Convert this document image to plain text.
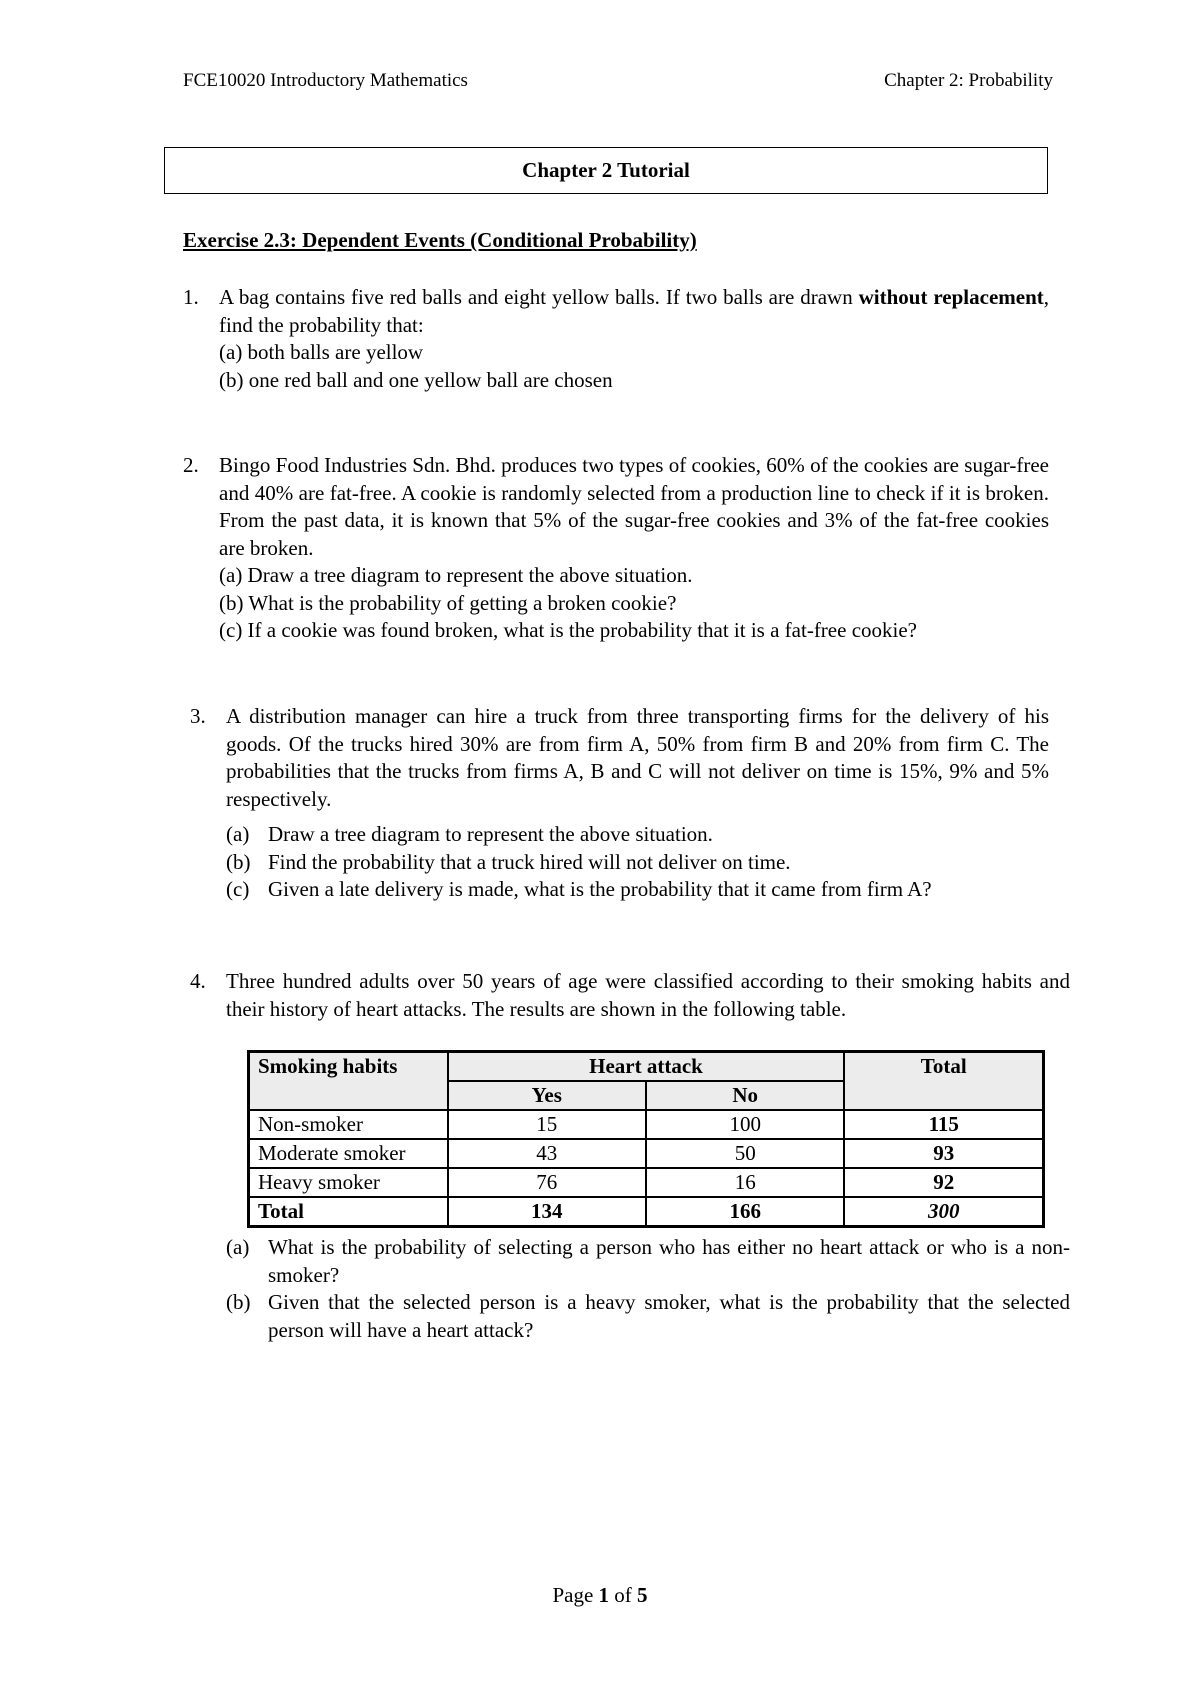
FCE10020 Introductory Mathematics	Chapter 2: Probability
Chapter 2 Tutorial
Exercise 2.3: Dependent Events (Conditional Probability)
1. A bag contains five red balls and eight yellow balls. If two balls are drawn without replacement, find the probability that:
(a) both balls are yellow
(b) one red ball and one yellow ball are chosen
2. Bingo Food Industries Sdn. Bhd. produces two types of cookies, 60% of the cookies are sugar-free and 40% are fat-free. A cookie is randomly selected from a production line to check if it is broken. From the past data, it is known that 5% of the sugar-free cookies and 3% of the fat-free cookies are broken.
(a) Draw a tree diagram to represent the above situation.
(b) What is the probability of getting a broken cookie?
(c) If a cookie was found broken, what is the probability that it is a fat-free cookie?
3. A distribution manager can hire a truck from three transporting firms for the delivery of his goods. Of the trucks hired 30% are from firm A, 50% from firm B and 20% from firm C. The probabilities that the trucks from firms A, B and C will not deliver on time is 15%, 9% and 5% respectively.
(a) Draw a tree diagram to represent the above situation.
(b) Find the probability that a truck hired will not deliver on time.
(c) Given a late delivery is made, what is the probability that it came from firm A?
4. Three hundred adults over 50 years of age were classified according to their smoking habits and their history of heart attacks. The results are shown in the following table.
Smoking habits	Heart attack		Total
	Yes	No	
Non-smoker	15	100	115
Moderate smoker	43	50	93
Heavy smoker	76	16	92
Total	134	166	300
(a) What is the probability of selecting a person who has either no heart attack or who is a non-smoker?
(b) Given that the selected person is a heavy smoker, what is the probability that the selected person will have a heart attack?
Page 1 of 5
